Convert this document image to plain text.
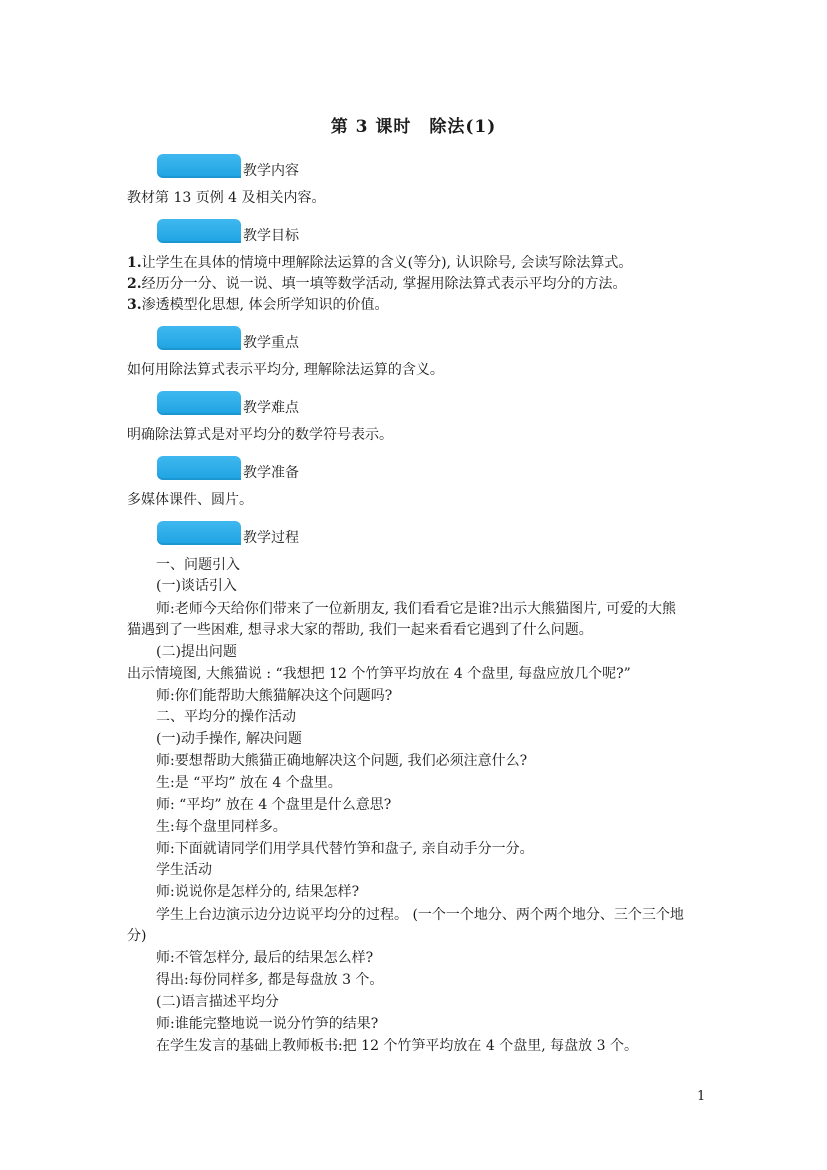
第 3 课时　除法(1)
教学内容
教材第 13 页例 4 及相关内容。
教学目标
1.让学生在具体的情境中理解除法运算的含义(等分), 认识除号, 会读写除法算式。
2.经历分一分、说一说、填一填等数学活动, 掌握用除法算式表示平均分的方法。
3.渗透模型化思想, 体会所学知识的价值。
教学重点
如何用除法算式表示平均分, 理解除法运算的含义。
教学难点
明确除法算式是对平均分的数学符号表示。
教学准备
多媒体课件、圆片。
教学过程
一、问题引入
(一)谈话引入
师:老师今天给你们带来了一位新朋友, 我们看看它是谁?出示大熊猫图片, 可爱的大熊
猫遇到了一些困难, 想寻求大家的帮助, 我们一起来看看它遇到了什么问题。
(二)提出问题
出示情境图, 大熊猫说 : “我想把 12 个竹笋平均放在 4 个盘里, 每盘应放几个呢?”
师:你们能帮助大熊猫解决这个问题吗?
二、平均分的操作活动
(一)动手操作, 解决问题
师:要想帮助大熊猫正确地解决这个问题, 我们必须注意什么?
生:是 “平均” 放在 4 个盘里。
师: “平均” 放在 4 个盘里是什么意思?
生:每个盘里同样多。
师:下面就请同学们用学具代替竹笋和盘子, 亲自动手分一分。
学生活动
师:说说你是怎样分的, 结果怎样?
学生上台边演示边分边说平均分的过程。 (一个一个地分、两个两个地分、三个三个地
分)
师:不管怎样分, 最后的结果怎么样?
得出:每份同样多, 都是每盘放 3 个。
(二)语言描述平均分
师:谁能完整地说一说分竹笋的结果?
在学生发言的基础上教师板书:把 12 个竹笋平均放在 4 个盘里, 每盘放 3 个。
1
